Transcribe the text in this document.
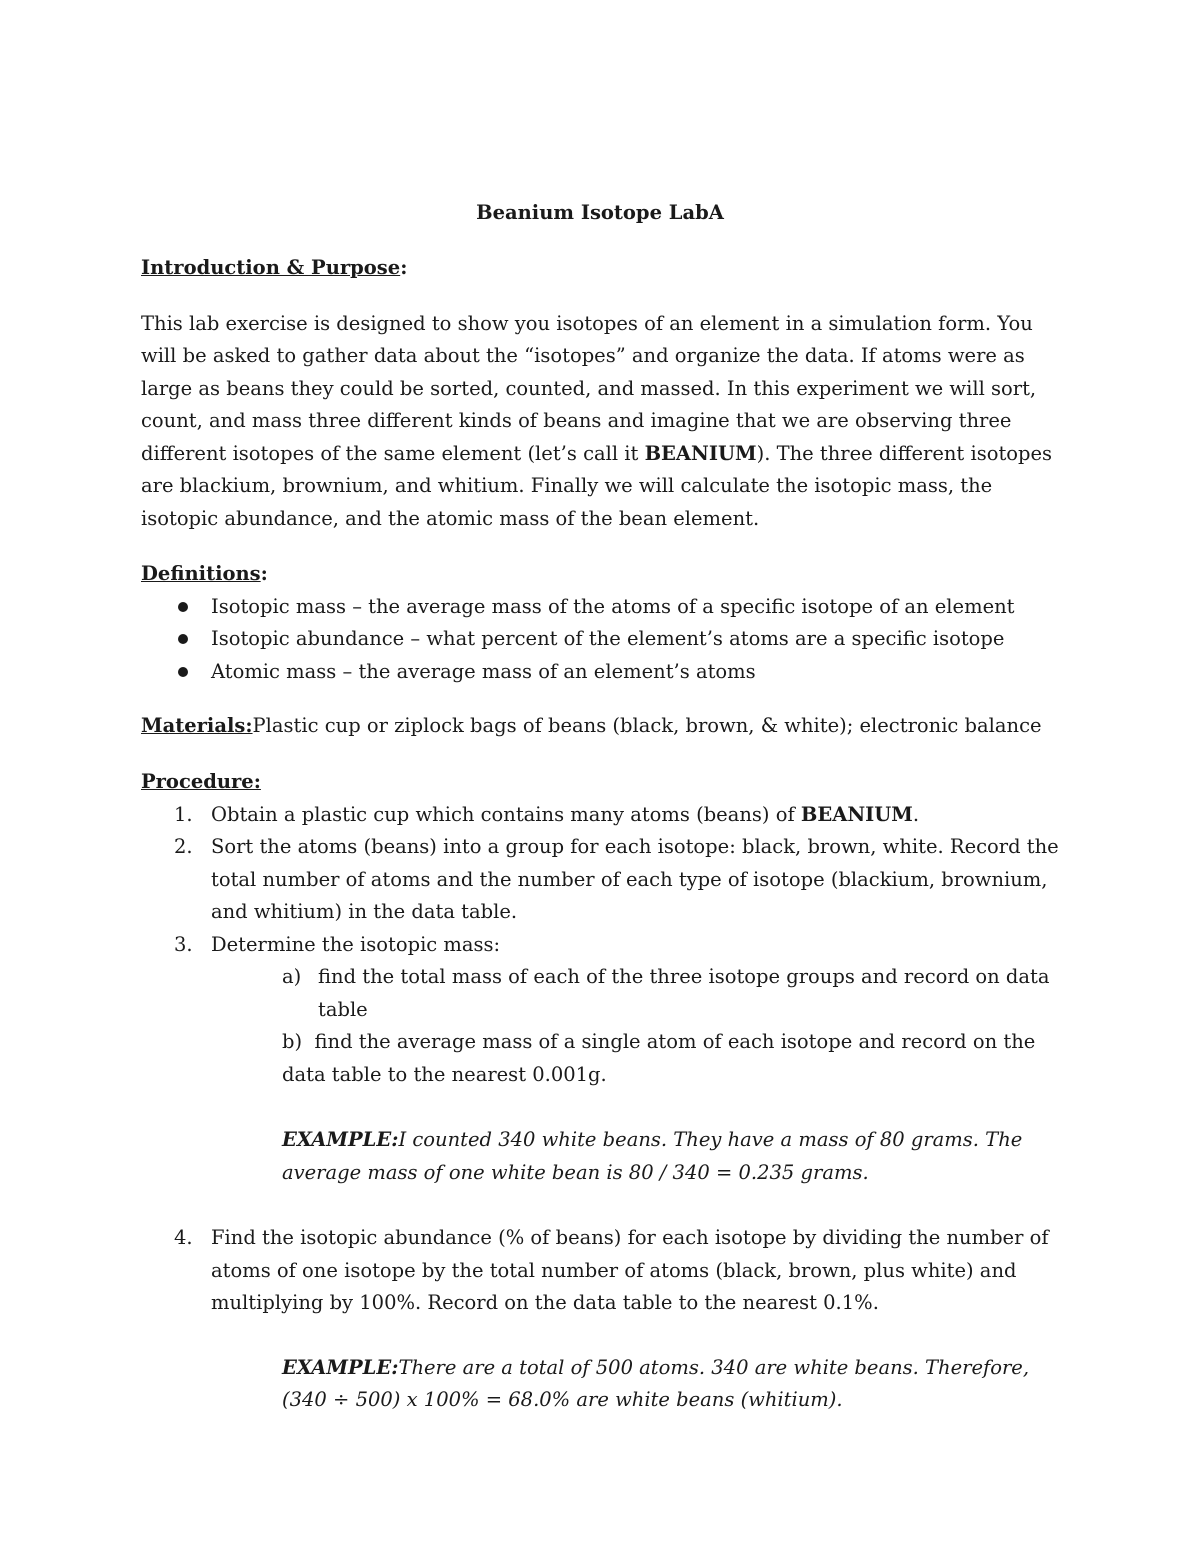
Beanium Isotope LabA
Introduction & Purpose:

This lab exercise is designed to show you isotopes of an element in a simulation form. You will be asked to gather data about the “isotopes” and organize the data. If atoms were as large as beans they could be sorted, counted, and massed. In this experiment we will sort, count, and mass three different kinds of beans and imagine that we are observing three different isotopes of the same element (let’s call it BEANIUM). The three different isotopes are blackium, brownium, and whitium. Finally we will calculate the isotopic mass, the isotopic abundance, and the atomic mass of the bean element.

Definitions:
Isotopic mass – the average mass of the atoms of a specific isotope of an element
Isotopic abundance – what percent of the element’s atoms are a specific isotope
Atomic mass – the average mass of an element’s atoms
Materials:Plastic cup or ziplock bags of beans (black, brown, & white); electronic balance
Procedure:
1. Obtain a plastic cup which contains many atoms (beans) of BEANIUM.
2. Sort the atoms (beans) into a group for each isotope: black, brown, white. Record the total number of atoms and the number of each type of isotope (blackium, brownium, and whitium) in the data table.
3. Determine the isotopic mass:
a) find the total mass of each of the three isotope groups and record on data table
b) find the average mass of a single atom of each isotope and record on the data table to the nearest 0.001g.

EXAMPLE:I counted 340 white beans. They have a mass of 80 grams. The average mass of one white bean is 80 / 340 = 0.235 grams.

4. Find the isotopic abundance (% of beans) for each isotope by dividing the number of atoms of one isotope by the total number of atoms (black, brown, plus white) and multiplying by 100%. Record on the data table to the nearest 0.1%.

EXAMPLE:There are a total of 500 atoms. 340 are white beans. Therefore, (340 ÷ 500) x 100% = 68.0% are white beans (whitium).
